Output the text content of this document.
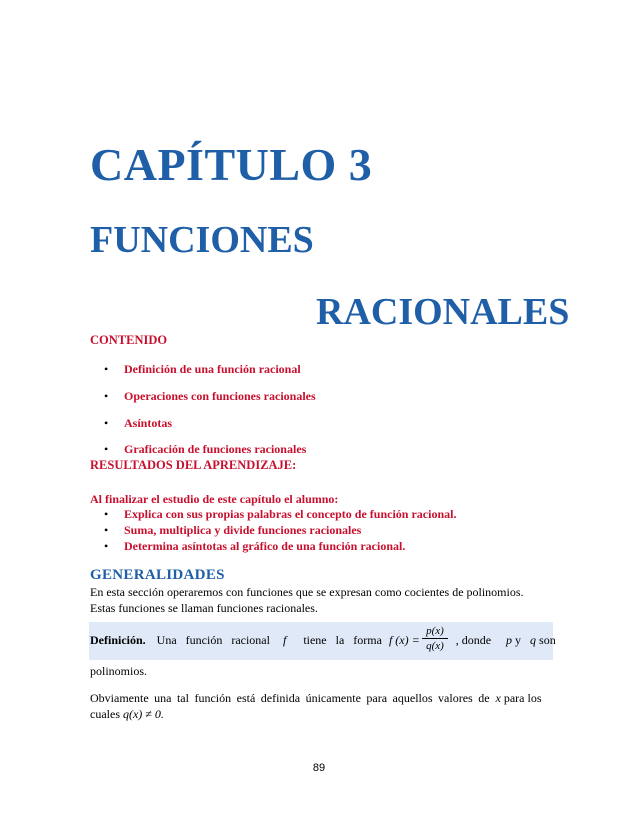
CAPÍTULO 3
FUNCIONES
RACIONALES
CONTENIDO
• Definición de una función racional
• Operaciones con funciones racionales
• Asíntotas
• Graficación de funciones racionales
RESULTADOS DEL APRENDIZAJE:
Al finalizar el estudio de este capítulo el alumno:
• Explica con sus propias palabras el concepto de función racional.
• Suma, multiplica y divide funciones racionales
• Determina asíntotas al gráfico de una función racional.
GENERALIDADES
En esta sección operaremos con funciones que se expresan como cocientes de polinomios.
Estas funciones se llaman funciones racionales.
Definición. Una función racional f tiene la forma f (x) =	, donde p y q son
$\frac{p(x)}{q(x)}$
polinomios.
Obviamente una tal función está definida únicamente para aquellos valores de x para los
cuales q(x) ≠ 0.
89
